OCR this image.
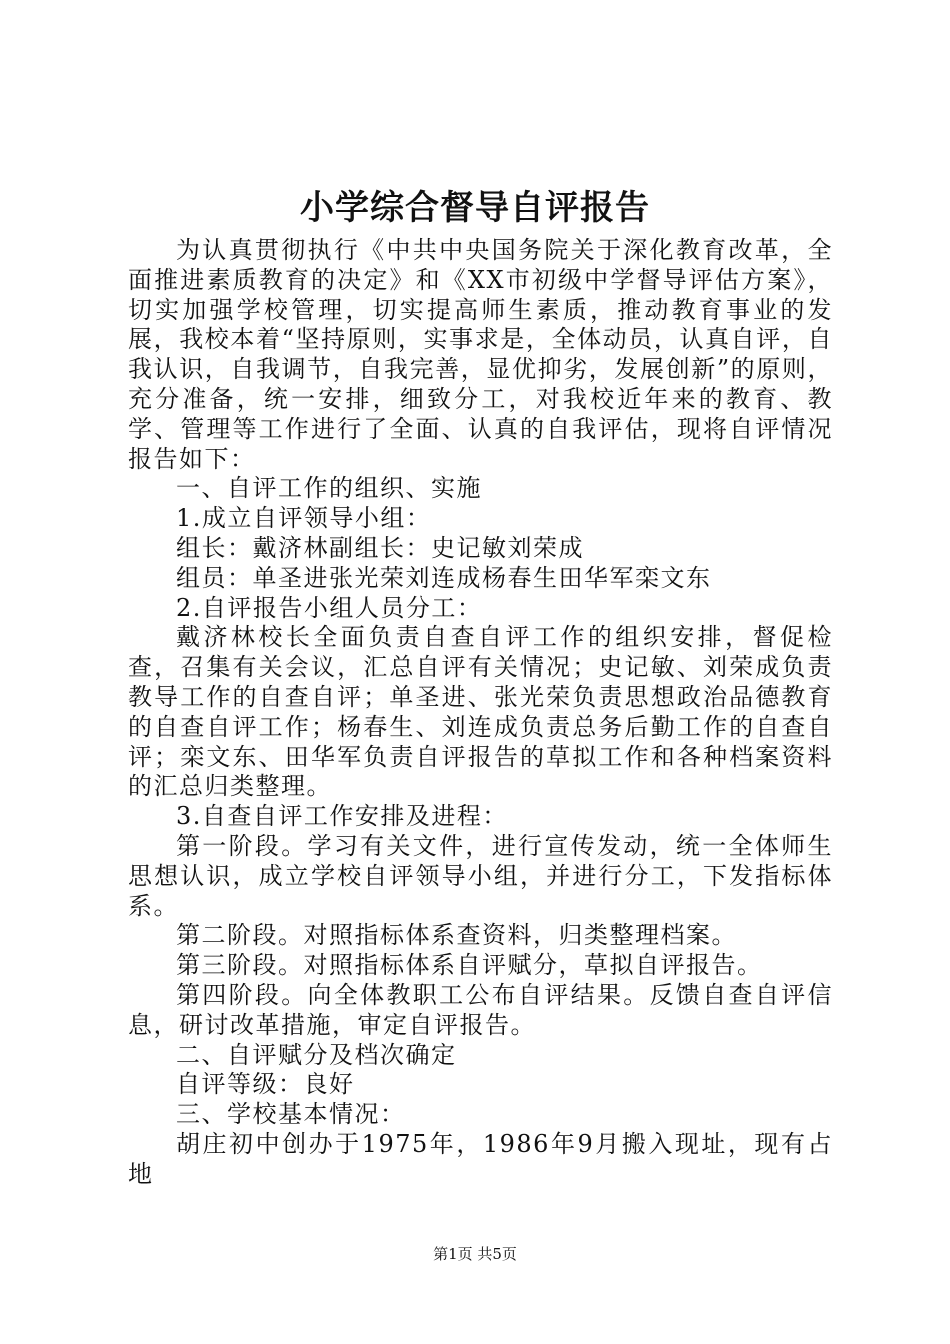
小学综合督导自评报告

为认真贯彻执行《中共中央国务院关于深化教育改革，全面推进素质教育的决定》和《XX市初级中学督导评估方案》，切实加强学校管理，切实提高师生素质，推动教育事业的发展，我校本着“坚持原则，实事求是，全体动员，认真自评，自我认识，自我调节，自我完善，显优抑劣，发展创新”的原则，充分准备，统一安排，细致分工，对我校近年来的教育、教学、管理等工作进行了全面、认真的自我评估，现将自评情况报告如下：

一、自评工作的组织、实施

1.成立自评领导小组：

组长：戴济林副组长：史记敏刘荣成

组员：单圣进张光荣刘连成杨春生田华军栾文东

2.自评报告小组人员分工：

戴济林校长全面负责自查自评工作的组织安排，督促检查，召集有关会议，汇总自评有关情况；史记敏、刘荣成负责教导工作的自查自评；单圣进、张光荣负责思想政治品德教育的自查自评工作；杨春生、刘连成负责总务后勤工作的自查自评；栾文东、田华军负责自评报告的草拟工作和各种档案资料的汇总归类整理。

3.自查自评工作安排及进程：

第一阶段。学习有关文件，进行宣传发动，统一全体师生思想认识，成立学校自评领导小组，并进行分工，下发指标体系。

第二阶段。对照指标体系查资料，归类整理档案。

第三阶段。对照指标体系自评赋分，草拟自评报告。

第四阶段。向全体教职工公布自评结果。反馈自查自评信息，研讨改革措施，审定自评报告。

二、自评赋分及档次确定

自评等级：良好

三、学校基本情况：

胡庄初中创办于1975年，1986年9月搬入现址，现有占地

第1页 共5页
